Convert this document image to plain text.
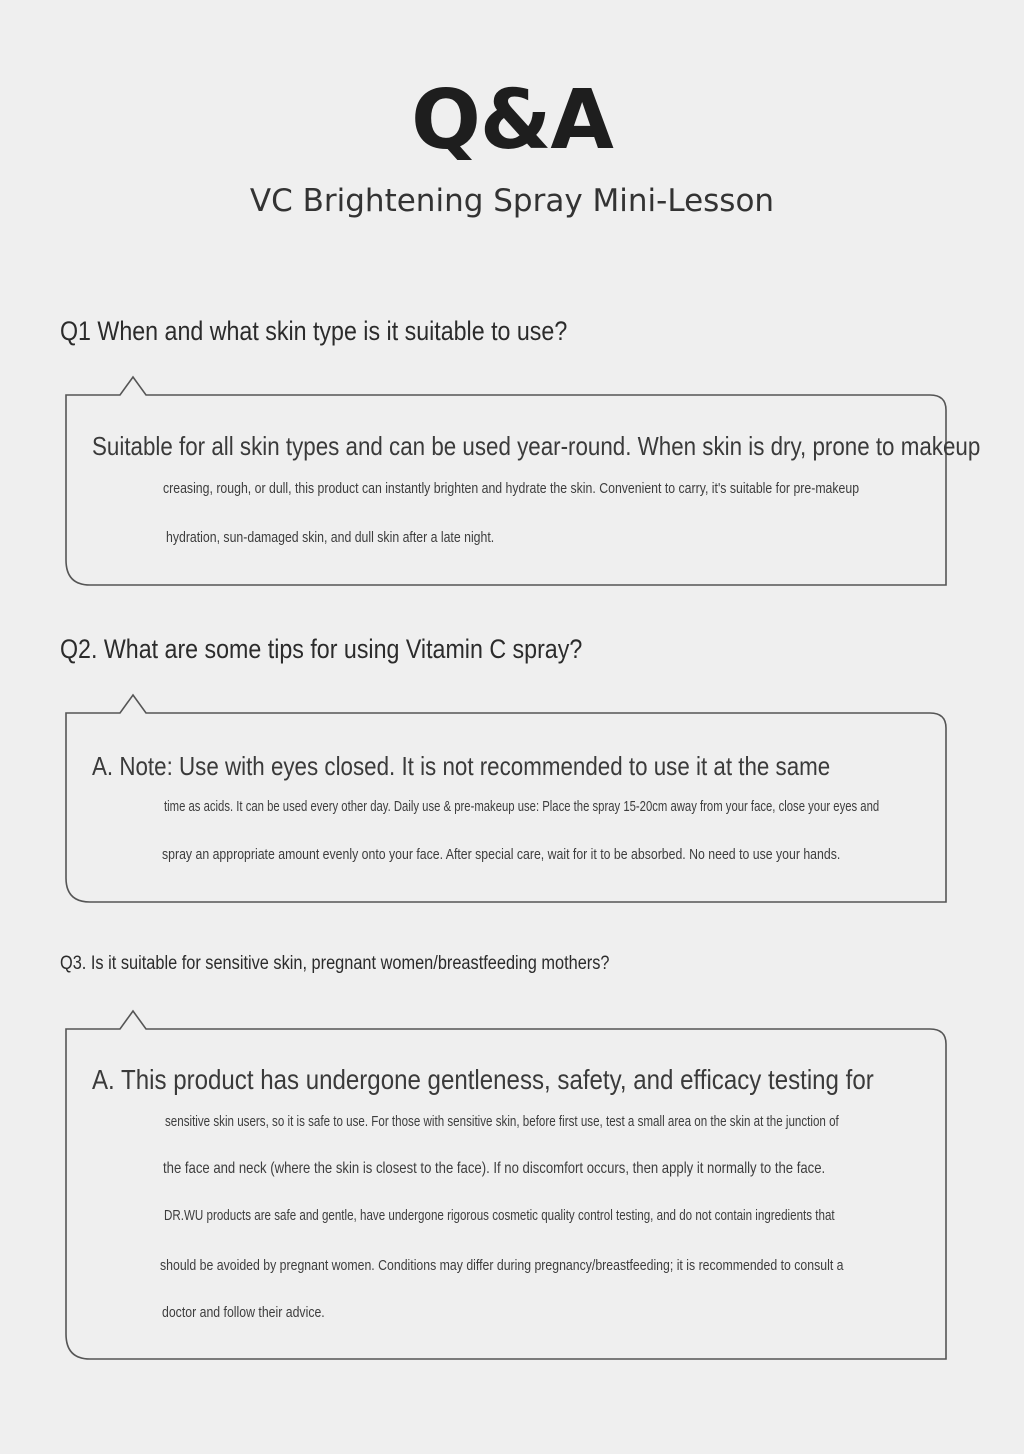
Q&A
VC Brightening Spray Mini-Lesson
Q1 When and what skin type is it suitable to use?
Suitable for all skin types and can be used year-round. When skin is dry, prone to makeup
creasing, rough, or dull, this product can instantly brighten and hydrate the skin. Convenient to carry, it's suitable for pre-makeup
hydration, sun-damaged skin, and dull skin after a late night.
Q2. What are some tips for using Vitamin C spray?
A. Note: Use with eyes closed. It is not recommended to use it at the same
time as acids. It can be used every other day. Daily use & pre-makeup use: Place the spray 15-20cm away from your face, close your eyes and
spray an appropriate amount evenly onto your face. After special care, wait for it to be absorbed. No need to use your hands.
Q3. Is it suitable for sensitive skin, pregnant women/breastfeeding mothers?
A. This product has undergone gentleness, safety, and efficacy testing for
sensitive skin users, so it is safe to use. For those with sensitive skin, before first use, test a small area on the skin at the junction of
the face and neck (where the skin is closest to the face). If no discomfort occurs, then apply it normally to the face.
DR.WU products are safe and gentle, have undergone rigorous cosmetic quality control testing, and do not contain ingredients that
should be avoided by pregnant women. Conditions may differ during pregnancy/breastfeeding; it is recommended to consult a
doctor and follow their advice.
